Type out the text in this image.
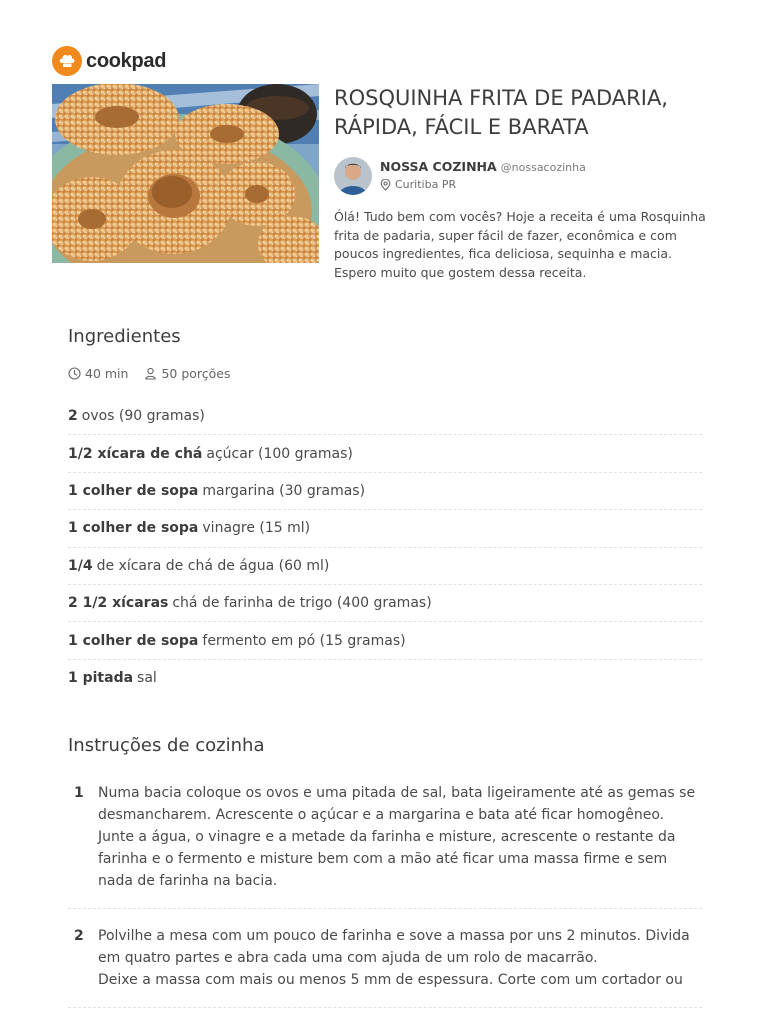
cookpad
ROSQUINHA FRITA DE PADARIA, RÁPIDA, FÁCIL E BARATA
NOSSA COZINHA @nossacozinha
Curitiba PR

Ólá! Tudo bem com vocês? Hoje a receita é uma Rosquinha frita de padaria, super fácil de fazer, econômica e com poucos ingredientes, fica deliciosa, sequinha e macia. Espero muito que gostem dessa receita.

Ingredientes
40 min	50 porções
2 ovos (90 gramas)
1/2 xícara de chá açúcar (100 gramas)
1 colher de sopa margarina (30 gramas)
1 colher de sopa vinagre (15 ml)
1/4 de xícara de chá de água (60 ml)
2 1/2 xícaras chá de farinha de trigo (400 gramas)
1 colher de sopa fermento em pó (15 gramas)
1 pitada sal
Instruções de cozinha
1	Numa bacia coloque os ovos e uma pitada de sal, bata ligeiramente até as gemas se desmancharem. Acrescente o açúcar e a margarina e bata até ficar homogêneo.

Junte a água, o vinagre e a metade da farinha e misture, acrescente o restante da farinha e o fermento e misture bem com a mão até ficar uma massa firme e sem nada de farinha na bacia.

2	Polvilhe a mesa com um pouco de farinha e sove a massa por uns 2 minutos. Divida em quatro partes e abra cada uma com ajuda de um rolo de macarrão.

Deixe a massa com mais ou menos 5 mm de espessura. Corte com um cortador ou
